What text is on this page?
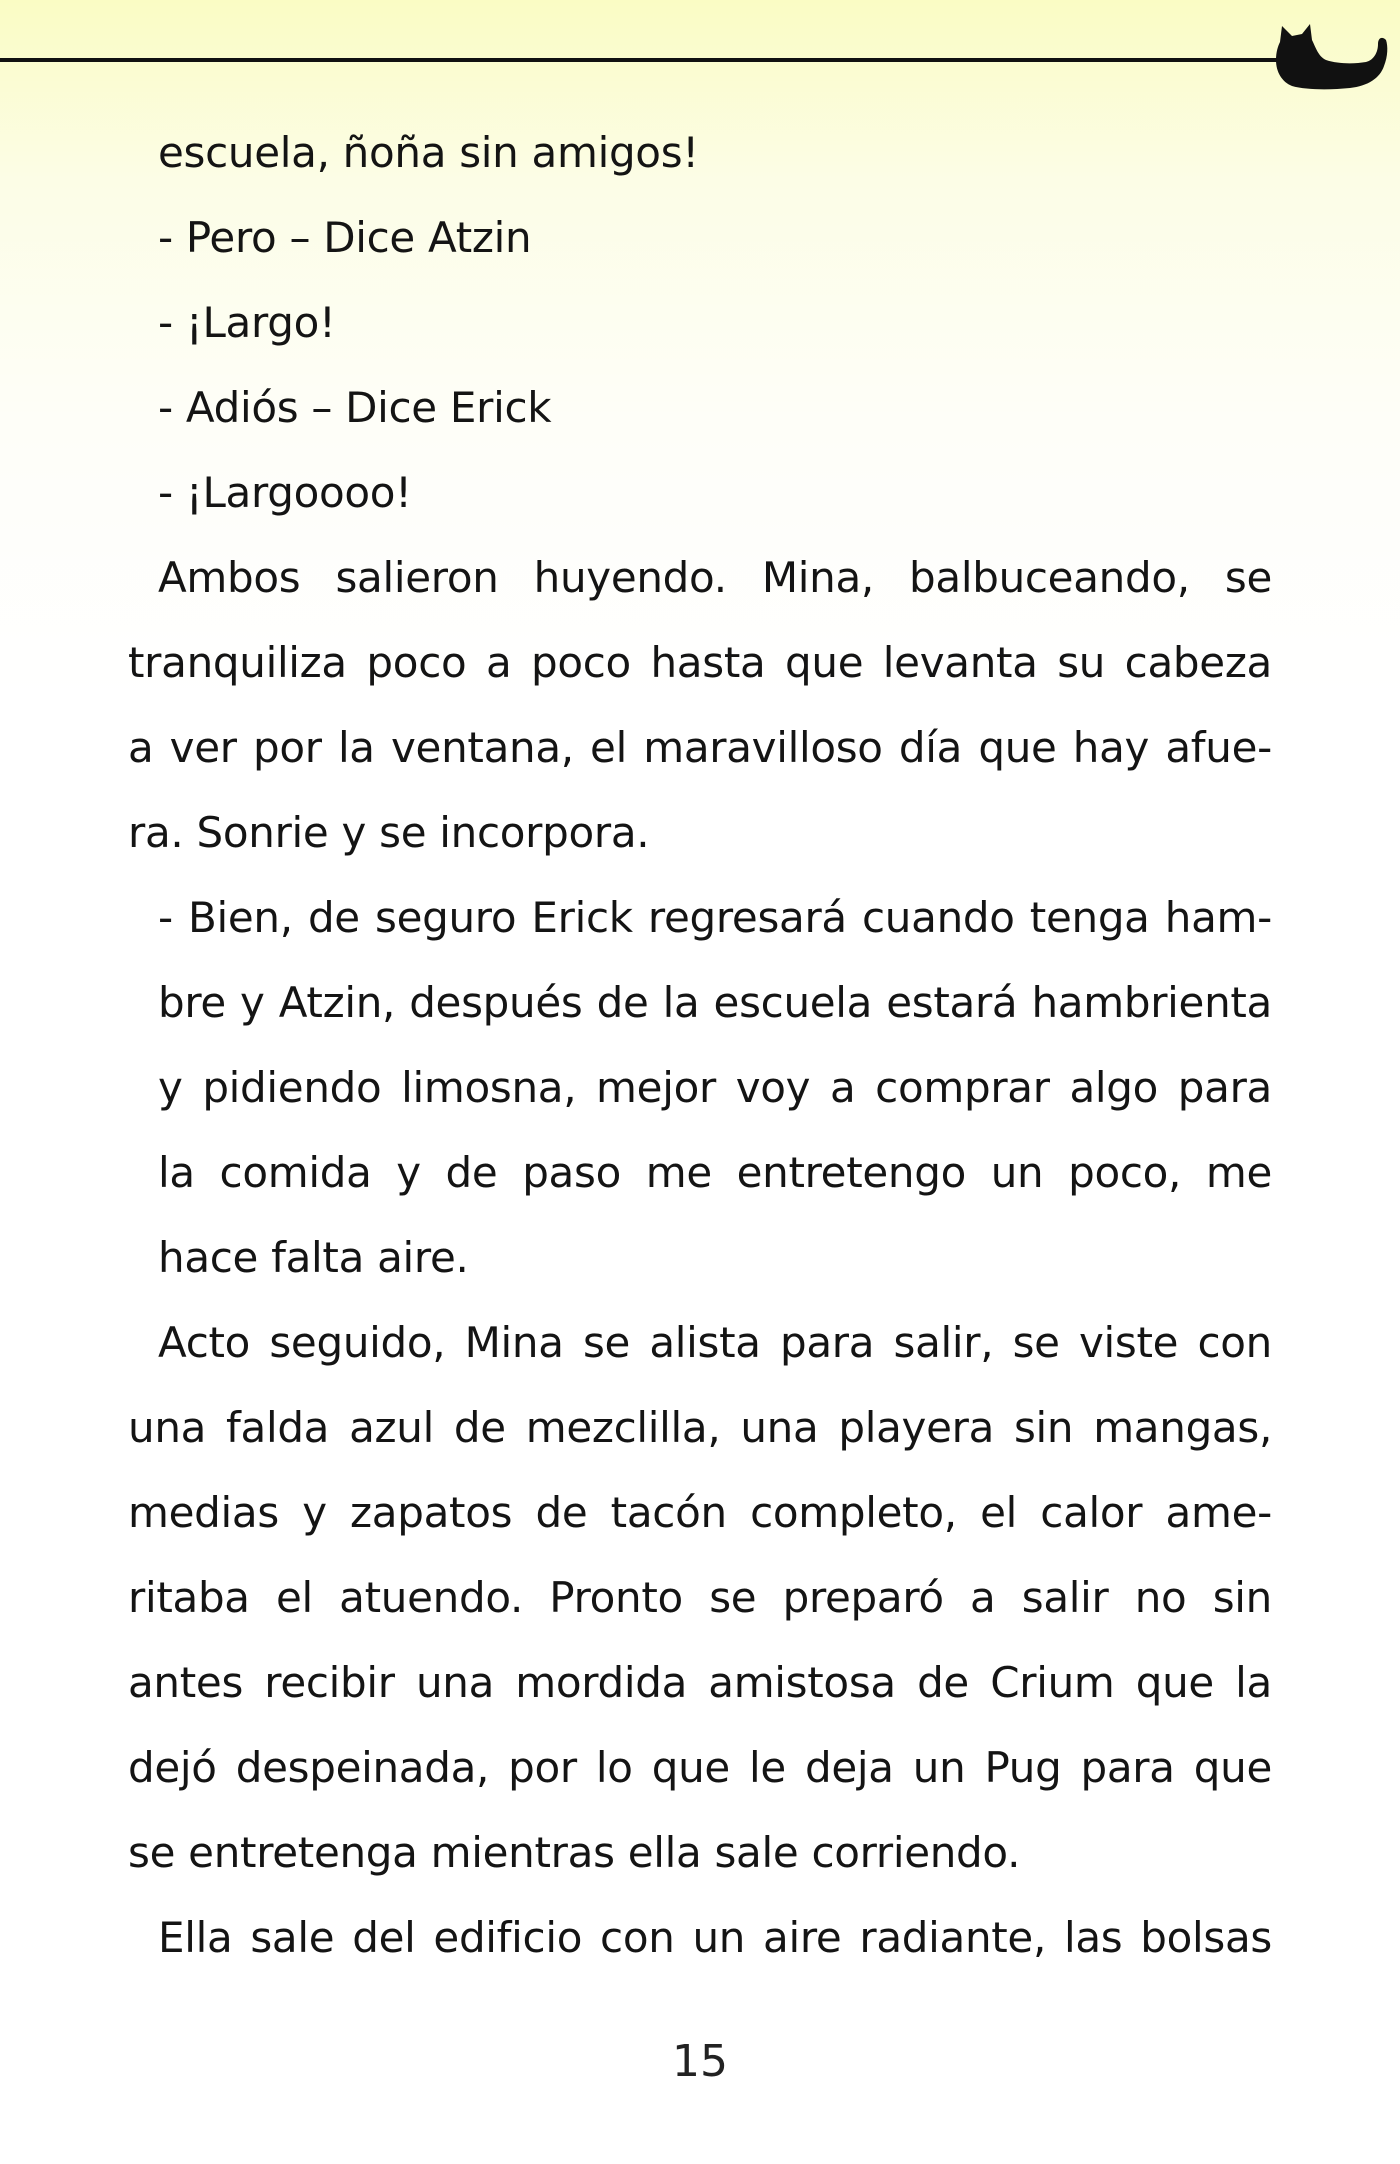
escuela, ñoña sin amigos!
- Pero – Dice Atzin
- ¡Largo!
- Adiós – Dice Erick
- ¡Largoooo!
Ambos salieron huyendo. Mina, balbuceando, se
tranquiliza poco a poco hasta que levanta su cabeza
a ver por la ventana, el maravilloso día que hay afue-
ra. Sonrie y se incorpora.
- Bien, de seguro Erick regresará cuando tenga ham-
bre y Atzin, después de la escuela estará hambrienta
y pidiendo limosna, mejor voy a comprar algo para
la comida y de paso me entretengo un poco, me
hace falta aire.
Acto seguido, Mina se alista para salir, se viste con
una falda azul de mezclilla, una playera sin mangas,
medias y zapatos de tacón completo, el calor ame-
ritaba el atuendo. Pronto se preparó a salir no sin
antes recibir una mordida amistosa de Crium que la
dejó despeinada, por lo que le deja un Pug para que
se entretenga mientras ella sale corriendo.
Ella sale del edificio con un aire radiante, las bolsas
15
